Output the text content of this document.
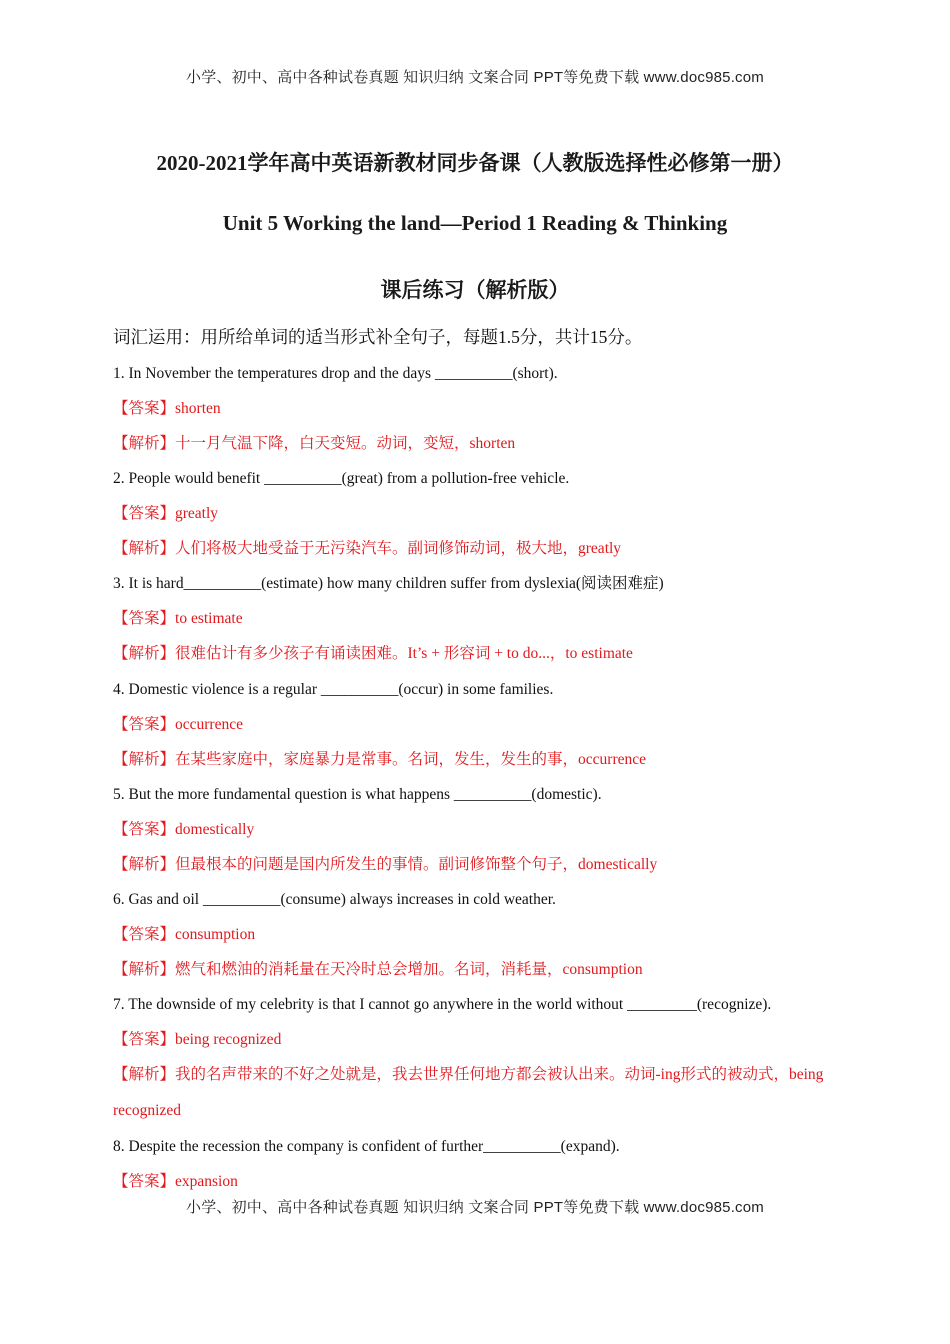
小学、初中、高中各种试卷真题 知识归纳 文案合同 PPT等免费下载 www.doc985.com
2020-2021学年高中英语新教材同步备课（人教版选择性必修第一册）
Unit 5 Working the land—Period 1 Reading & Thinking
课后练习（解析版）
词汇运用：用所给单词的适当形式补全句子，每题1.5分，共计15分。
1. In November the temperatures drop and the days __________(short).
【答案】shorten
【解析】十一月气温下降，白天变短。动词，变短，shorten
2. People would benefit __________(great) from a pollution-free vehicle.
【答案】greatly
【解析】人们将极大地受益于无污染汽车。副词修饰动词，极大地，greatly
3. It is hard__________(estimate) how many children suffer from dyslexia(阅读困难症)
【答案】to estimate
【解析】很难估计有多少孩子有诵读困难。It’s + 形容词 + to do...，to estimate
4. Domestic violence is a regular __________(occur) in some families.
【答案】occurrence
【解析】在某些家庭中，家庭暴力是常事。名词，发生，发生的事，occurrence
5. But the more fundamental question is what happens __________(domestic).
【答案】domestically
【解析】但最根本的问题是国内所发生的事情。副词修饰整个句子，domestically
6. Gas and oil __________(consume) always increases in cold weather.
【答案】consumption
【解析】燃气和燃油的消耗量在天冷时总会增加。名词，消耗量，consumption
7. The downside of my celebrity is that I cannot go anywhere in the world without _________(recognize).
【答案】being recognized
【解析】我的名声带来的不好之处就是，我去世界任何地方都会被认出来。动词-ing形式的被动式，being recognized
8. Despite the recession the company is confident of further__________(expand).
【答案】expansion
小学、初中、高中各种试卷真题 知识归纳 文案合同 PPT等免费下载 www.doc985.com
